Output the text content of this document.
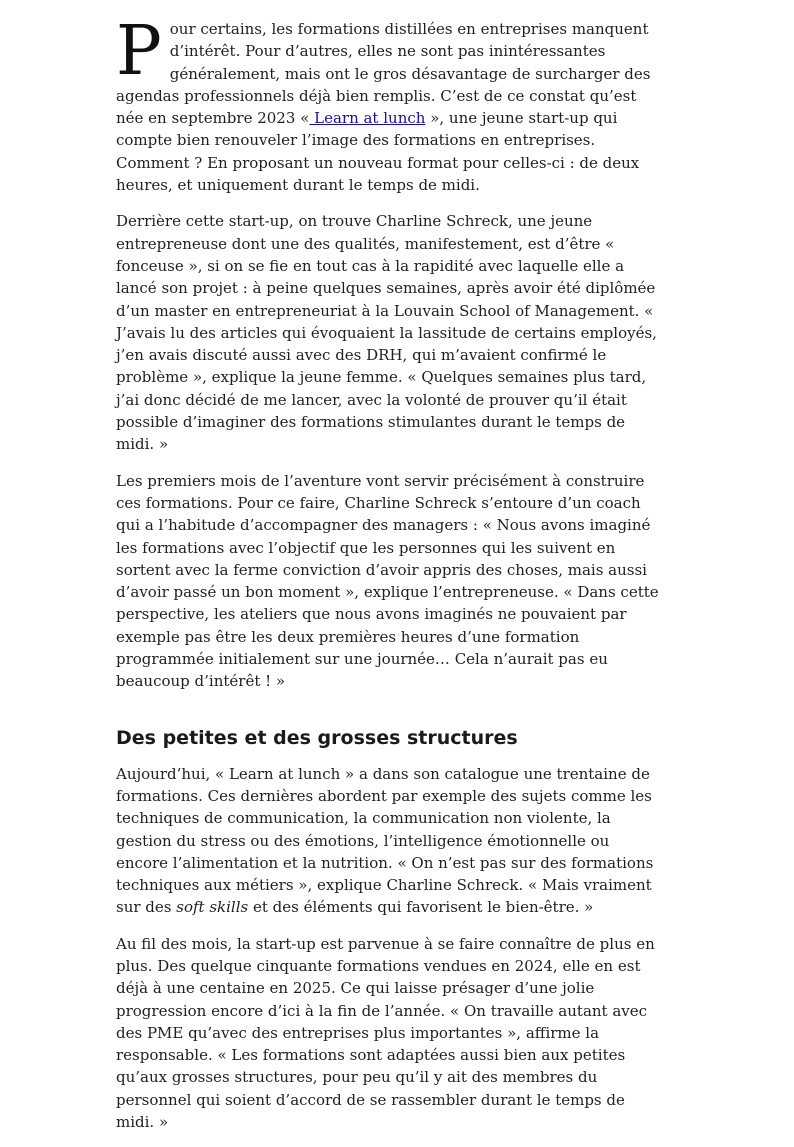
Pour certains, les formations distillées en entreprises manquent d’intérêt. Pour d’autres, elles ne sont pas inintéressantes généralement, mais ont le gros désavantage de surcharger des agendas professionnels déjà bien remplis. C’est de ce constat qu’est née en septembre 2023 « Learn at lunch », une jeune start-up qui compte bien renouveler l’image des formations en entreprises. Comment ? En proposant un nouveau format pour celles-ci : de deux heures, et uniquement durant le temps de midi.

Derrière cette start-up, on trouve Charline Schreck, une jeune entrepreneuse dont une des qualités, manifestement, est d’être « fonceuse », si on se fie en tout cas à la rapidité avec laquelle elle a lancé son projet : à peine quelques semaines, après avoir été diplômée d’un master en entrepreneuriat à la Louvain School of Management. « J’avais lu des articles qui évoquaient la lassitude de certains employés, j’en avais discuté aussi avec des DRH, qui m’avaient confirmé le problème », explique la jeune femme. « Quelques semaines plus tard, j’ai donc décidé de me lancer, avec la volonté de prouver qu’il était possible d’imaginer des formations stimulantes durant le temps de midi. »

Les premiers mois de l’aventure vont servir précisément à construire ces formations. Pour ce faire, Charline Schreck s’entoure d’un coach qui a l’habitude d’accompagner des managers : « Nous avons imaginé les formations avec l’objectif que les personnes qui les suivent en sortent avec la ferme conviction d’avoir appris des choses, mais aussi d’avoir passé un bon moment », explique l’entrepreneuse. « Dans cette perspective, les ateliers que nous avons imaginés ne pouvaient par exemple pas être les deux premières heures d’une formation programmée initialement sur une journée… Cela n’aurait pas eu beaucoup d’intérêt ! »

Des petites et des grosses structures

Aujourd’hui, « Learn at lunch » a dans son catalogue une trentaine de formations. Ces dernières abordent par exemple des sujets comme les techniques de communication, la communication non violente, la gestion du stress ou des émotions, l’intelligence émotionnelle ou encore l’alimentation et la nutrition. « On n’est pas sur des formations techniques aux métiers », explique Charline Schreck. « Mais vraiment sur des soft skills et des éléments qui favorisent le bien-être. »

Au fil des mois, la start-up est parvenue à se faire connaître de plus en plus. Des quelque cinquante formations vendues en 2024, elle en est déjà à une centaine en 2025. Ce qui laisse présager d’une jolie progression encore d’ici à la fin de l’année. « On travaille autant avec des PME qu’avec des entreprises plus importantes », affirme la responsable. « Les formations sont adaptées aussi bien aux petites qu’aux grosses structures, pour peu qu’il y ait des membres du personnel qui soient d’accord de se rassembler durant le temps de midi. »
